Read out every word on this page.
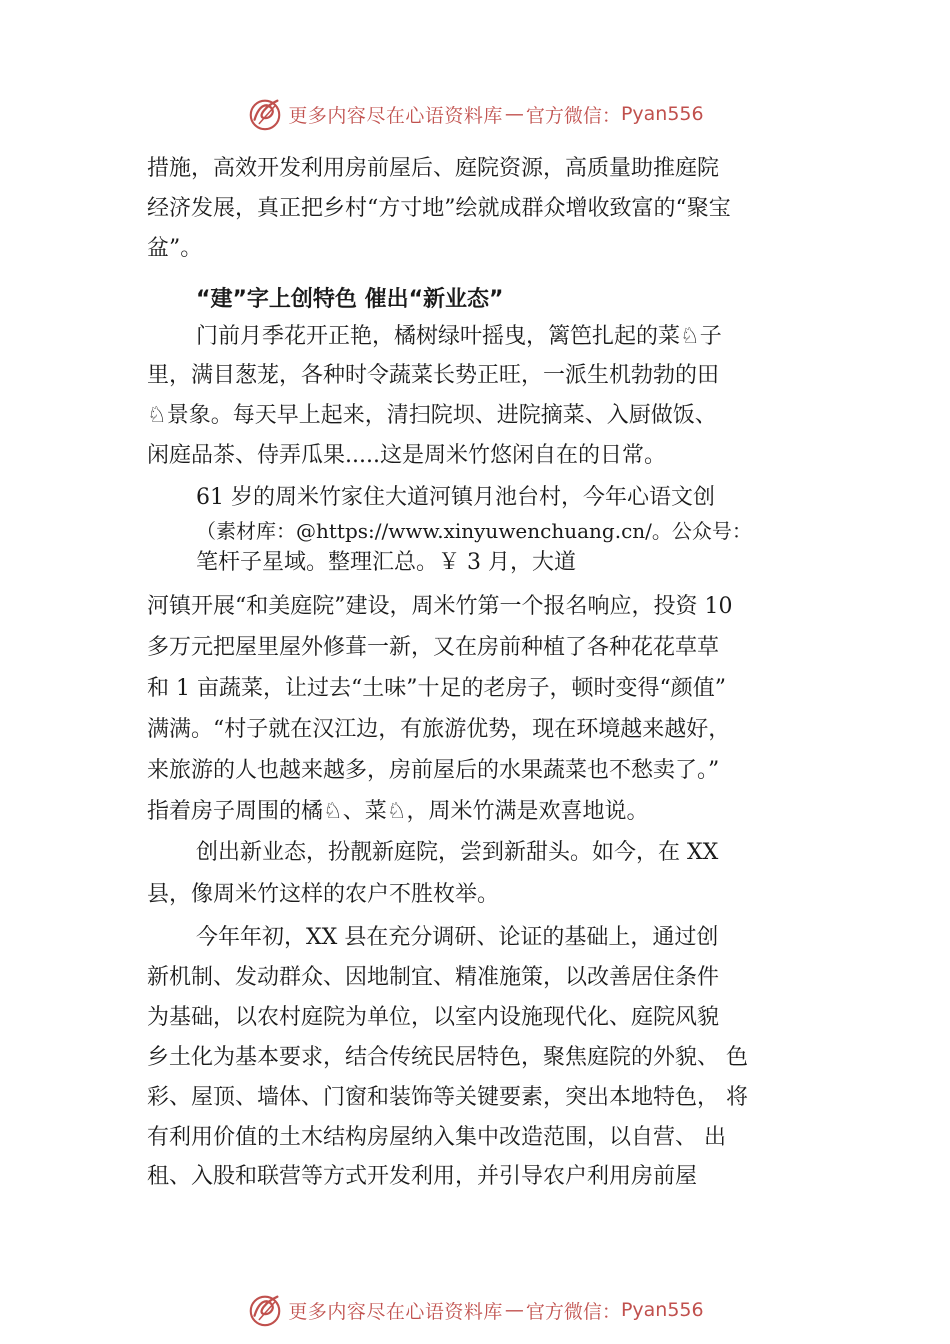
更多内容尽在心语资料库 — 官方微信： Pyan556
措施，高效开发利用房前屋后、庭院资源，高质量助推庭院
经济发展，真正把乡村“方寸地”绘就成群众增收致富的“聚宝
盆”。
“建”字上创特色 催出“新业态”
门前月季花开正艳，橘树绿叶摇曳，篱笆扎起的菜♘子
里，满目葱茏，各种时令蔬菜长势正旺，一派生机勃勃的田
♘景象。每天早上起来，清扫院坝、进院摘菜、入厨做饭、
闲庭品茶、侍弄瓜果.....这是周米竹悠闲自在的日常。
61 岁的周米竹家住大道河镇月池台村，今年心语文创
（素材库：@https://www.xinyuwenchuang.cn/。公众号：
笔杆子星域。整理汇总。￥ 3 月，大道
河镇开展“和美庭院”建设，周米竹第一个报名响应，投资 10
多万元把屋里屋外修葺一新，又在房前种植了各种花花草草
和 1 亩蔬菜，让过去“土味”十足的老房子，顿时变得“颜值”
满满。“村子就在汉江边，有旅游优势，现在环境越来越好，
来旅游的人也越来越多，房前屋后的水果蔬菜也不愁卖了。”
指着房子周围的橘♘、菜♘，周米竹满是欢喜地说。
创出新业态，扮靓新庭院，尝到新甜头。如今，在 XX
县，像周米竹这样的农户不胜枚举。
今年年初，XX 县在充分调研、论证的基础上，通过创
新机制、发动群众、因地制宜、精准施策，以改善居住条件
为基础，以农村庭院为单位，以室内设施现代化、庭院风貌
乡土化为基本要求，结合传统民居特色，聚焦庭院的外貌、 色
彩、屋顶、墙体、门窗和装饰等关键要素，突出本地特色， 将
有利用价值的土木结构房屋纳入集中改造范围，以自营、 出
租、入股和联营等方式开发利用，并引导农户利用房前屋
更多内容尽在心语资料库 — 官方微信： Pyan556
